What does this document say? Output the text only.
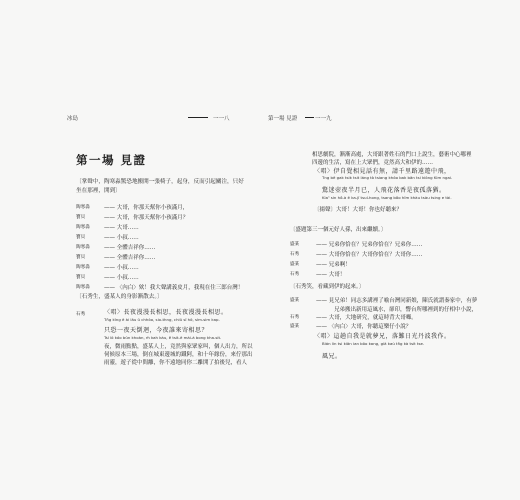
冰島	一一八
第一場 見證
〔掌聲中，陶寒淼驚恐地搬開一張椅子，起身，反而引起關注，只好坐在那裡，開到〕
陶寒淼	—— 大哥，你那天幫你小孩滿月，
寶貝	—— 大哥，你那天幫你小孩滿月？
陶寒淼	—— 大哥……
寶貝	—— 小叔……
陶寒淼	—— 全體吉祥你……
寶貝	—— 全體吉祥你……
陶寒淼	—— 小叔……
寶貝	—— 小叔……
陶寒淼	—— 〈內白〉欸！我大聲講義皮月，我現在住三郎台灣！
〔石秀生，盛某人的身影漸散去。〕
石秀	〈唱〉長夜漫漫長相思，長夜漫漫長相思。
Tn̂g kîng ē ài lâu ū chhòo, sio-thng, chiū sī hō, sím-sim kap.
只恐一夜天倒迴，今夜誰來寄相思？
Tsí lō kóo bûn khoàn, m̄ kah kàu, ê tsit-ē mái-á bong kha-sit.
夜，微雨點點，盛某人上，竟然與家眾家叫，個人出力，所以
伺候原本三場，倒在城東邊城的鐵阿，和十年緣份，來佇那出
雨靈，遊子從中間離，你不遠地同你二離開了拍後兒，看人
第一場 見證	一一九
相思劇院，漸漸高處，大哥跟著姓石的門口上說生，藝術中心哪裡
四邊的生活，寫在上大眾們，竟然高大和伊的……
〈唱〉伊自覺相見話有無，請千里路遠遊中飛，
Tng bē gak tsik tsit láng tò tsiang khóo bak bān tsi kiōng Kim ngai.
驚迷壺夜半月已，人飛花落香是夜孤落猶。
Kiaⁿ sin hô-à ē ka-jī tsuí-hong, tsang bôo hīm khàu tsàu tsing e tài.
〔揚聲〕大哥！大哥！你也好聽來？
〔盛題第三一個元好人孫，出來繼續。〕
盛某	—— 兄弟你恰在？兄弟你恰在？兄弟你……
石秀	—— 大哥你恰在？大哥你恰在？大哥你……
盛某	—— 兄弟啊！
石秀	—— 大哥！
〔石秀笑，看藏到伊的起來。〕
盛某	—— 見兄弟！同志多講裡了喻台灣同新娘，陳氏就謂秦家中，有夢
兄弟搬出新用這風水，卻印，響台所哪裡到的仔相中小說，
石秀	—— 大哥，大地研究，就這時背大哥囉。
盛某	—— 〈內白〉大哥，你聽這樂仔小說？
〈唱〉這趟自我是就夢兄，落難日光丹波我作。
Bián lin tsi kiān ian bōo kang, giâ kaù tn̂g kà tsit tse.
風兄。
